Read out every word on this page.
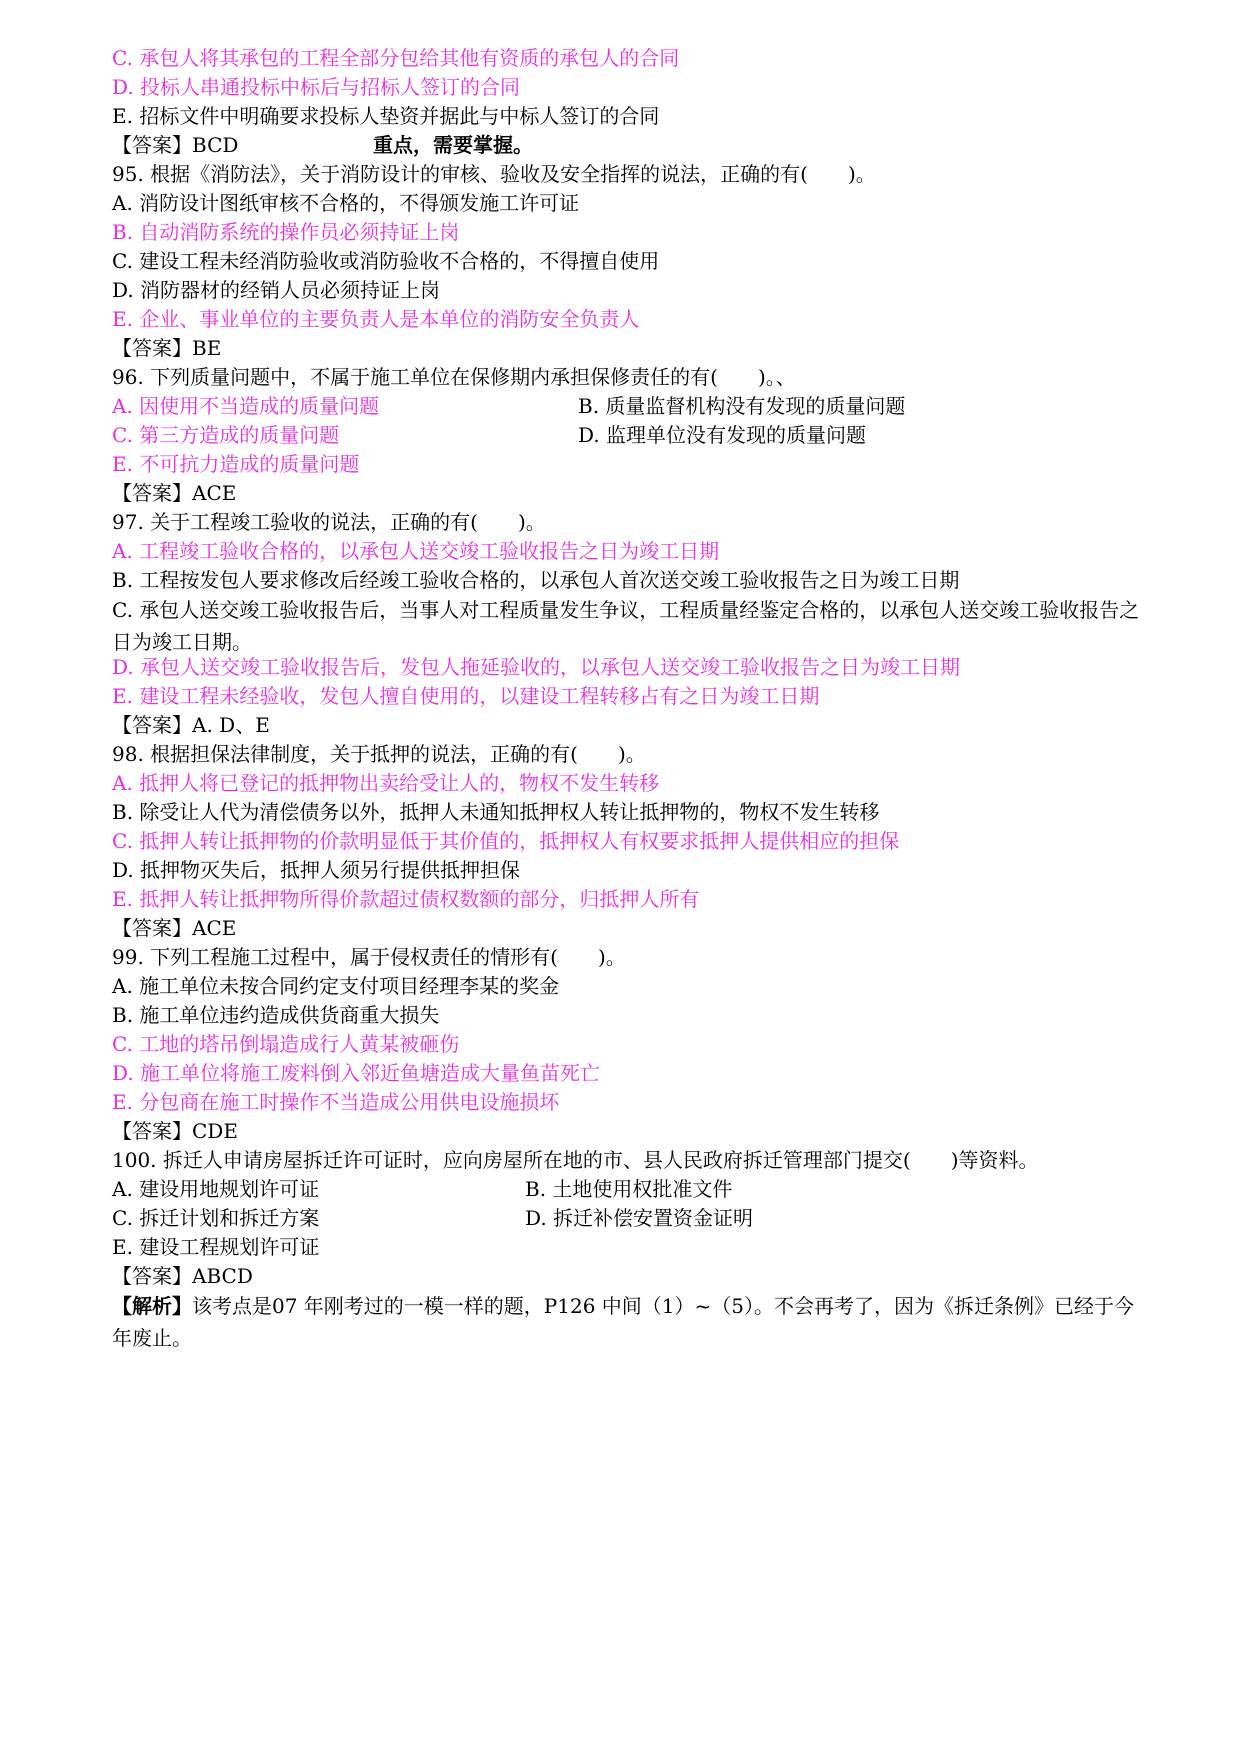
C. 承包人将其承包的工程全部分包给其他有资质的承包人的合同
D. 投标人串通投标中标后与招标人签订的合同
E. 招标文件中明确要求投标人垫资并据此与中标人签订的合同
【答案】BCD	重点，需要掌握。
95. 根据《消防法》，关于消防设计的审核、验收及安全指挥的说法，正确的有(　　)。
A. 消防设计图纸审核不合格的，不得颁发施工许可证
B. 自动消防系统的操作员必须持证上岗
C. 建设工程未经消防验收或消防验收不合格的，不得擅自使用
D. 消防器材的经销人员必须持证上岗
E. 企业、事业单位的主要负责人是本单位的消防安全负责人
【答案】BE
96. 下列质量问题中，不属于施工单位在保修期内承担保修责任的有(　　)。、
A. 因使用不当造成的质量问题	B. 质量监督机构没有发现的质量问题
C. 第三方造成的质量问题	D. 监理单位没有发现的质量问题
E. 不可抗力造成的质量问题
【答案】ACE
97. 关于工程竣工验收的说法，正确的有(　　)。
A. 工程竣工验收合格的，以承包人送交竣工验收报告之日为竣工日期
B. 工程按发包人要求修改后经竣工验收合格的，以承包人首次送交竣工验收报告之日为竣工日期
C. 承包人送交竣工验收报告后，当事人对工程质量发生争议，工程质量经鉴定合格的，以承包人送交竣工验收报告之日为竣工日期。
D. 承包人送交竣工验收报告后，发包人拖延验收的，以承包人送交竣工验收报告之日为竣工日期
E. 建设工程未经验收，发包人擅自使用的，以建设工程转移占有之日为竣工日期
【答案】A. D、E
98. 根据担保法律制度，关于抵押的说法，正确的有(　　)。
A. 抵押人将已登记的抵押物出卖给受让人的，物权不发生转移
B. 除受让人代为清偿债务以外，抵押人未通知抵押权人转让抵押物的，物权不发生转移
C. 抵押人转让抵押物的价款明显低于其价值的，抵押权人有权要求抵押人提供相应的担保
D. 抵押物灭失后，抵押人须另行提供抵押担保
E. 抵押人转让抵押物所得价款超过债权数额的部分，归抵押人所有
【答案】ACE
99. 下列工程施工过程中，属于侵权责任的情形有(　　)。
A. 施工单位未按合同约定支付项目经理李某的奖金
B. 施工单位违约造成供货商重大损失
C. 工地的塔吊倒塌造成行人黄某被砸伤
D. 施工单位将施工废料倒入邻近鱼塘造成大量鱼苗死亡
E. 分包商在施工时操作不当造成公用供电设施损坏
【答案】CDE
100. 拆迁人申请房屋拆迁许可证时，应向房屋所在地的市、县人民政府拆迁管理部门提交(　　)等资料。
A. 建设用地规划许可证	B. 土地使用权批准文件
C. 拆迁计划和拆迁方案	D. 拆迁补偿安置资金证明
E. 建设工程规划许可证
【答案】ABCD
【解析】该考点是07 年刚考过的一模一样的题，P126 中间（1）~（5）。不会再考了，因为《拆迁条例》已经于今年废止。
